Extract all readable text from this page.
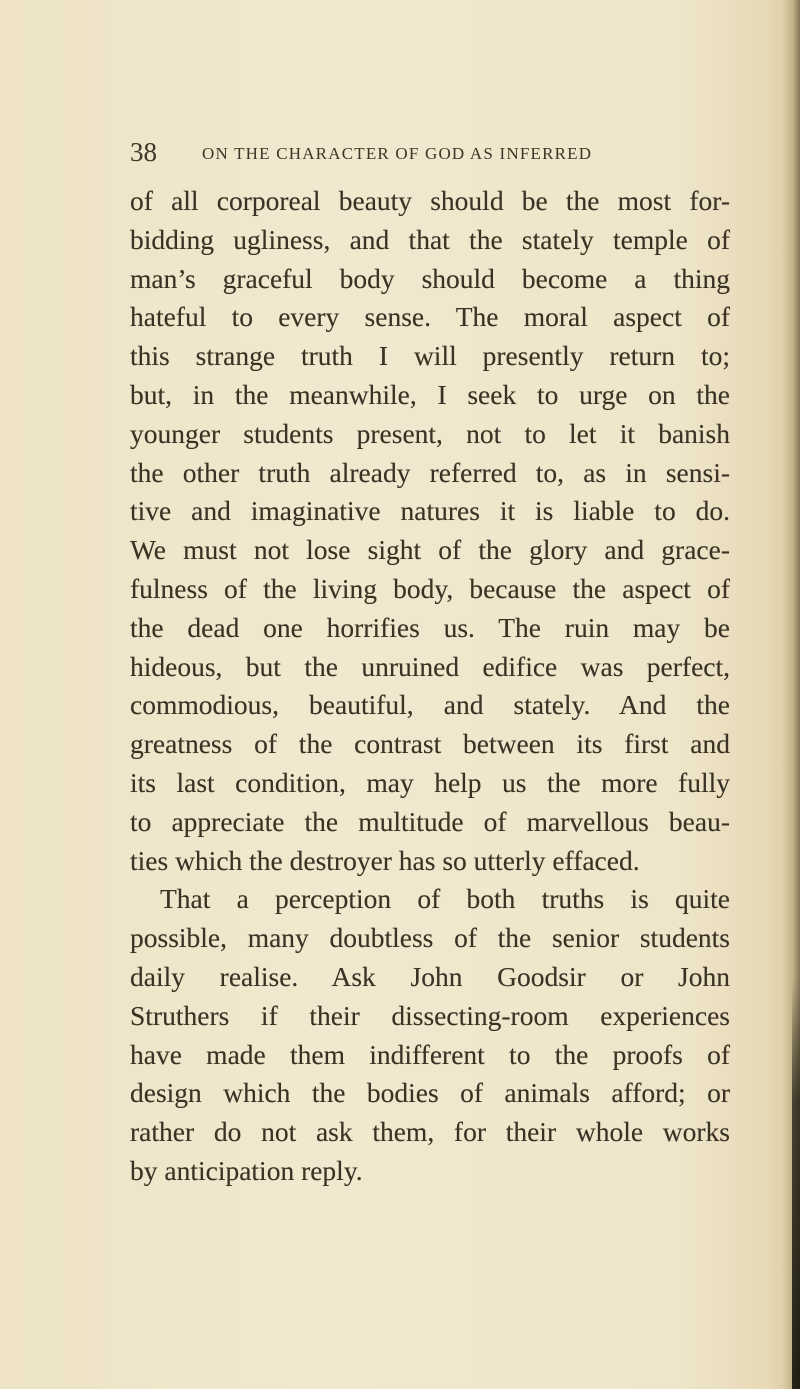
38	ON THE CHARACTER OF GOD AS INFERRED
of all corporeal beauty should be the most for-
bidding ugliness, and that the stately temple of
man’s graceful body should become a thing
hateful to every sense. The moral aspect of
this strange truth I will presently return to;
but, in the meanwhile, I seek to urge on the
younger students present, not to let it banish
the other truth already referred to, as in sensi-
tive and imaginative natures it is liable to do.
We must not lose sight of the glory and grace-
fulness of the living body, because the aspect of
the dead one horrifies us. The ruin may be
hideous, but the unruined edifice was perfect,
commodious, beautiful, and stately. And the
greatness of the contrast between its first and
its last condition, may help us the more fully
to appreciate the multitude of marvellous beau-
ties which the destroyer has so utterly effaced.
That a perception of both truths is quite
possible, many doubtless of the senior students
daily realise. Ask John Goodsir or John
Struthers if their dissecting-room experiences
have made them indifferent to the proofs of
design which the bodies of animals afford; or
rather do not ask them, for their whole works
by anticipation reply.
